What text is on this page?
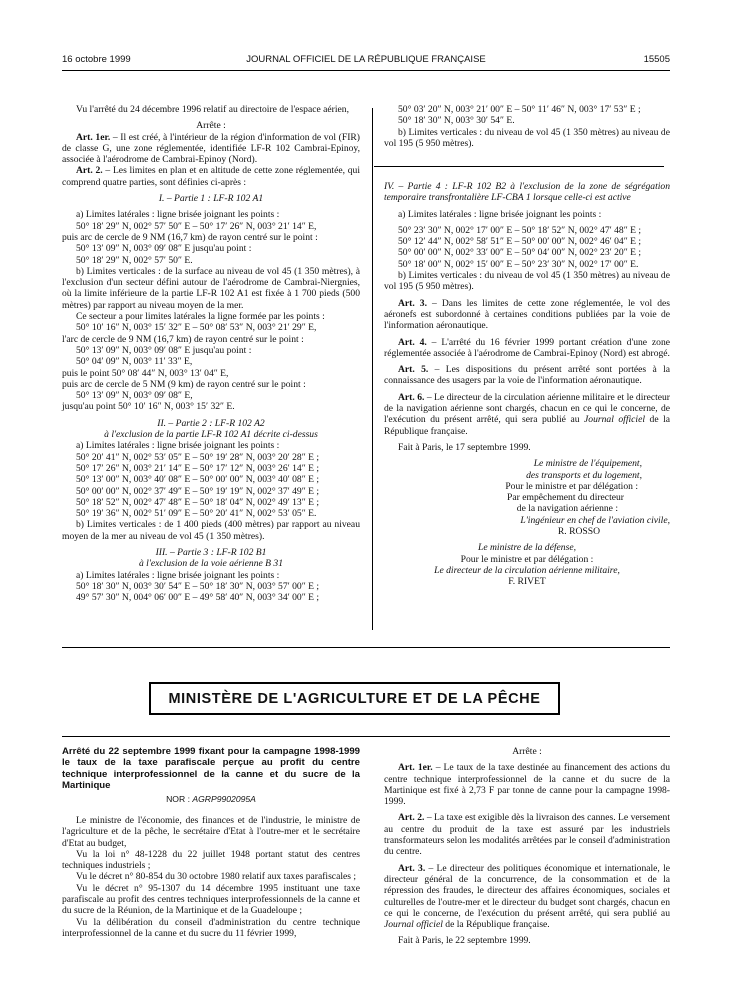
16 octobre 1999	JOURNAL OFFICIEL DE LA RÉPUBLIQUE FRANÇAISE	15505

Vu l'arrêté du 24 décembre 1996 relatif au directoire de l'espace aérien,

Arrête :

Art. 1er. – Il est créé, à l'intérieur de la région d'information de vol (FIR) de classe G, une zone réglementée, identifiée LF-R 102 Cambrai-Epinoy, associée à l'aérodrome de Cambrai-Epinoy (Nord).

Art. 2. – Les limites en plan et en altitude de cette zone réglementée, qui comprend quatre parties, sont définies ci-après :

I. – Partie 1 : LF-R 102 A1

a) Limites latérales : ligne brisée joignant les points :

50° 18′ 29″ N, 002° 57′ 50″ E – 50° 17′ 26″ N, 003° 21′ 14″ E,

puis arc de cercle de 9 NM (16,7 km) de rayon centré sur le point :

50° 13′ 09″ N, 003° 09′ 08″ E jusqu'au point :

50° 18′ 29″ N, 002° 57′ 50″ E.

b) Limites verticales : de la surface au niveau de vol 45 (1 350 mètres), à l'exclusion d'un secteur défini autour de l'aérodrome de Cambrai-Niergnies, où la limite inférieure de la partie LF-R 102 A1 est fixée à 1 700 pieds (500 mètres) par rapport au niveau moyen de la mer.

Ce secteur a pour limites latérales la ligne formée par les points :

50° 10′ 16″ N, 003° 15′ 32″ E – 50° 08′ 53″ N, 003° 21′ 29″ E,

l'arc de cercle de 9 NM (16,7 km) de rayon centré sur le point :

50° 13′ 09″ N, 003° 09′ 08″ E jusqu'au point :

50° 04′ 09″ N, 003° 11′ 33″ E,

puis le point 50° 08′ 44″ N, 003° 13′ 04″ E,

puis arc de cercle de 5 NM (9 km) de rayon centré sur le point :

50° 13′ 09″ N, 003° 09′ 08″ E,

jusqu'au point 50° 10′ 16″ N, 003° 15′ 32″ E.

II. – Partie 2 : LF-R 102 A2

à l'exclusion de la partie LF-R 102 A1 décrite ci-dessus

a) Limites latérales : ligne brisée joignant les points :

50° 20′ 41″ N, 002° 53′ 05″ E – 50° 19′ 28″ N, 003° 20′ 28″ E ;

50° 17′ 26″ N, 003° 21′ 14″ E – 50° 17′ 12″ N, 003° 26′ 14″ E ;

50° 13′ 00″ N, 003° 40′ 08″ E – 50° 00′ 00″ N, 003° 40′ 08″ E ;

50° 00′ 00″ N, 002° 37′ 49″ E – 50° 19′ 19″ N, 002° 37′ 49″ E ;

50° 18′ 52″ N, 002° 47′ 48″ E – 50° 18′ 04″ N, 002° 49′ 13″ E ;

50° 19′ 36″ N, 002° 51′ 09″ E – 50° 20′ 41″ N, 002° 53′ 05″ E.

b) Limites verticales : de 1 400 pieds (400 mètres) par rapport au niveau moyen de la mer au niveau de vol 45 (1 350 mètres).

III. – Partie 3 : LF-R 102 B1

à l'exclusion de la voie aérienne B 31

a) Limites latérales : ligne brisée joignant les points :

50° 18′ 30″ N, 003° 30′ 54″ E – 50° 18′ 30″ N, 003° 57′ 00″ E ;

49° 57′ 30″ N, 004° 06′ 00″ E – 49° 58′ 40″ N, 003° 34′ 00″ E ;

50° 03′ 20″ N, 003° 21′ 00″ E – 50° 11′ 46″ N, 003° 17′ 53″ E ;

50° 18′ 30″ N, 003° 30′ 54″ E.

b) Limites verticales : du niveau de vol 45 (1 350 mètres) au niveau de vol 195 (5 950 mètres).

IV. – Partie 4 : LF-R 102 B2 à l'exclusion de la zone de ségrégation temporaire transfrontalière LF-CBA 1 lorsque celle-ci est active

a) Limites latérales : ligne brisée joignant les points :

50° 23′ 30″ N, 002° 17′ 00″ E – 50° 18′ 52″ N, 002° 47′ 48″ E ;

50° 12′ 44″ N, 002° 58′ 51″ E – 50° 00′ 00″ N, 002° 46′ 04″ E ;

50° 00′ 00″ N, 002° 33′ 00″ E – 50° 04′ 00″ N, 002° 23′ 20″ E ;

50° 18′ 00″ N, 002° 15′ 00″ E – 50° 23′ 30″ N, 002° 17′ 00″ E.

b) Limites verticales : du niveau de vol 45 (1 350 mètres) au niveau de vol 195 (5 950 mètres).

Art. 3. – Dans les limites de cette zone réglementée, le vol des aéronefs est subordonné à certaines conditions publiées par la voie de l'information aéronautique.

Art. 4. – L'arrêté du 16 février 1999 portant création d'une zone réglementée associée à l'aérodrome de Cambrai-Epinoy (Nord) est abrogé.

Art. 5. – Les dispositions du présent arrêté sont portées à la connaissance des usagers par la voie de l'information aéronautique.

Art. 6. – Le directeur de la circulation aérienne militaire et le directeur de la navigation aérienne sont chargés, chacun en ce qui le concerne, de l'exécution du présent arrêté, qui sera publié au Journal officiel de la République française.

Fait à Paris, le 17 septembre 1999.

Le ministre de l'équipement,

des transports et du logement,

Pour le ministre et par délégation :

Par empêchement du directeur

de la navigation aérienne :

L'ingénieur en chef de l'aviation civile,

R. ROSSO

Le ministre de la défense,

Pour le ministre et par délégation :

Le directeur de la circulation aérienne militaire,

F. RIVET

MINISTÈRE DE L'AGRICULTURE ET DE LA PÊCHE

Arrêté du 22 septembre 1999 fixant pour la campagne 1998-1999 le taux de la taxe parafiscale perçue au profit du centre technique interprofessionnel de la canne et du sucre de la Martinique

NOR : AGRP9902095A

Le ministre de l'économie, des finances et de l'industrie, le ministre de l'agriculture et de la pêche, le secrétaire d'Etat à l'outre-mer et le secrétaire d'Etat au budget,

Vu la loi n° 48-1228 du 22 juillet 1948 portant statut des centres techniques industriels ;

Vu le décret n° 80-854 du 30 octobre 1980 relatif aux taxes parafiscales ;

Vu le décret n° 95-1307 du 14 décembre 1995 instituant une taxe parafiscale au profit des centres techniques interprofessionnels de la canne et du sucre de la Réunion, de la Martinique et de la Guadeloupe ;

Vu la délibération du conseil d'administration du centre technique interprofessionnel de la canne et du sucre du 11 février 1999,

Arrête :

Art. 1er. – Le taux de la taxe destinée au financement des actions du centre technique interprofessionnel de la canne et du sucre de la Martinique est fixé à 2,73 F par tonne de canne pour la campagne 1998-1999.

Art. 2. – La taxe est exigible dès la livraison des cannes. Le versement au centre du produit de la taxe est assuré par les industriels transformateurs selon les modalités arrêtées par le conseil d'administration du centre.

Art. 3. – Le directeur des politiques économique et internationale, le directeur général de la concurrence, de la consommation et de la répression des fraudes, le directeur des affaires économiques, sociales et culturelles de l'outre-mer et le directeur du budget sont chargés, chacun en ce qui le concerne, de l'exécution du présent arrêté, qui sera publié au Journal officiel de la République française.

Fait à Paris, le 22 septembre 1999.
